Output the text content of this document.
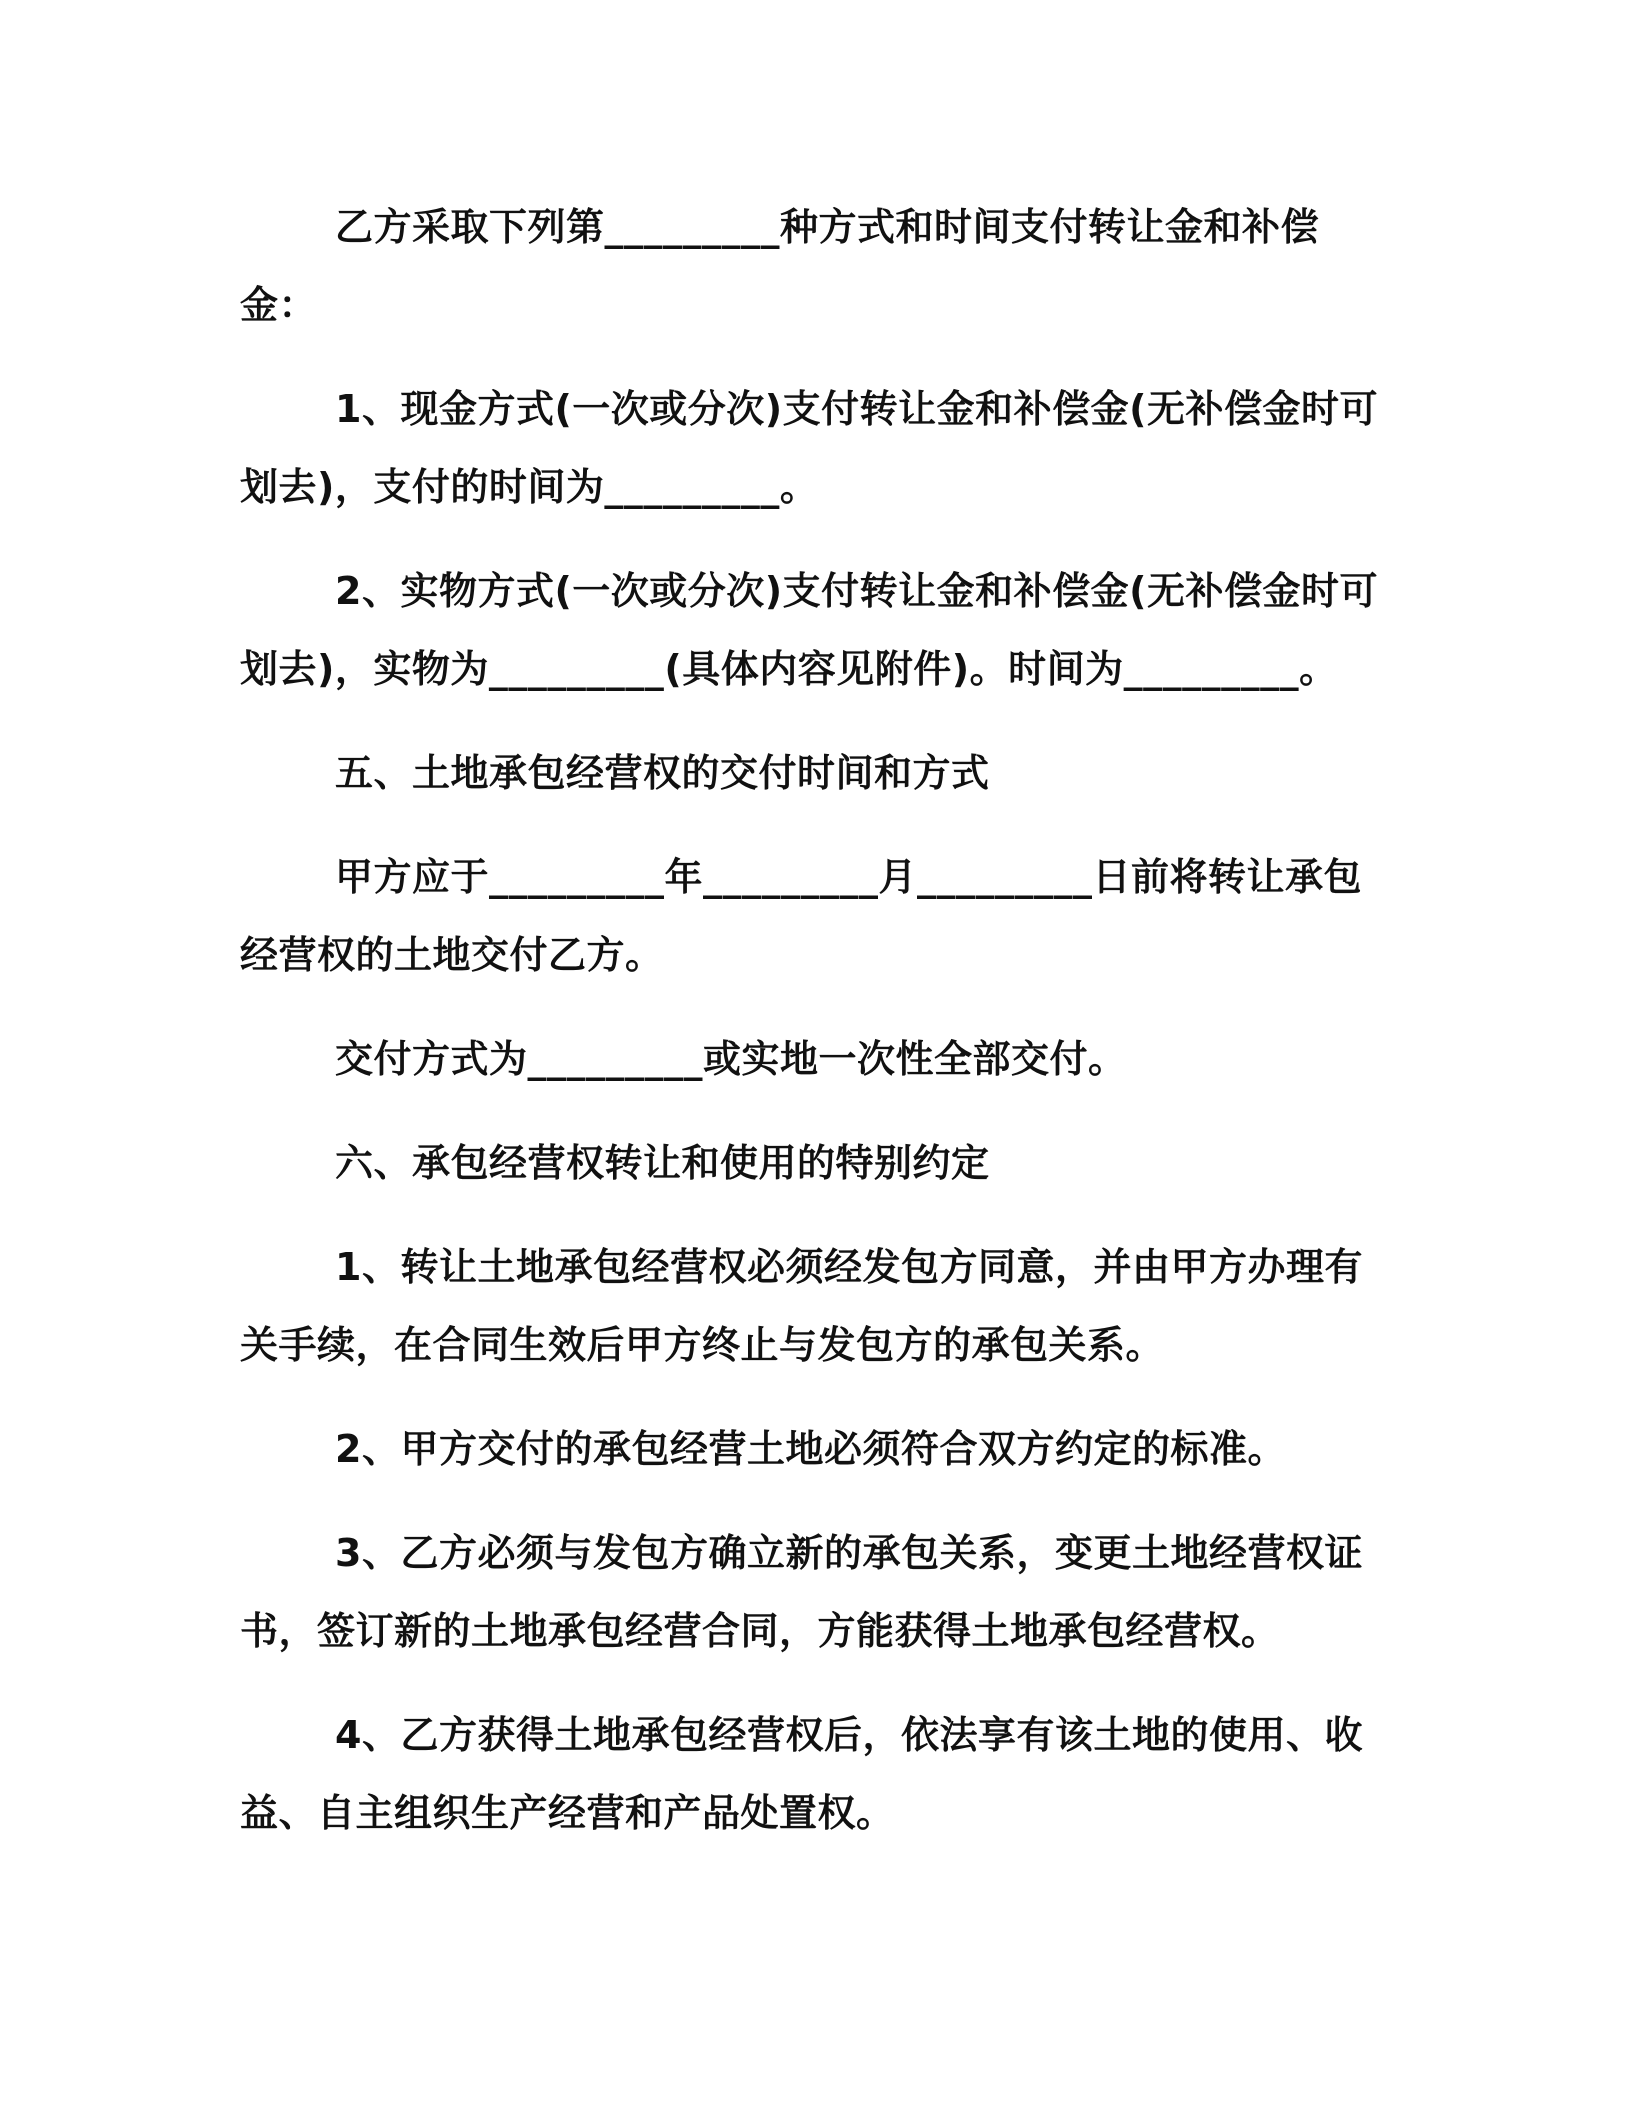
乙方采取下列第_________种方式和时间支付转让金和补偿金：

1、现金方式(一次或分次)支付转让金和补偿金(无补偿金时可划去)，支付的时间为_________。

2、实物方式(一次或分次)支付转让金和补偿金(无补偿金时可划去)，实物为_________(具体内容见附件)。时间为_________。

五、土地承包经营权的交付时间和方式

甲方应于_________年_________月_________日前将转让承包经营权的土地交付乙方。

交付方式为_________或实地一次性全部交付。

六、承包经营权转让和使用的特别约定

1、转让土地承包经营权必须经发包方同意，并由甲方办理有关手续，在合同生效后甲方终止与发包方的承包关系。

2、甲方交付的承包经营土地必须符合双方约定的标准。

3、乙方必须与发包方确立新的承包关系，变更土地经营权证书，签订新的土地承包经营合同，方能获得土地承包经营权。

4、乙方获得土地承包经营权后，依法享有该土地的使用、收益、自主组织生产经营和产品处置权。
